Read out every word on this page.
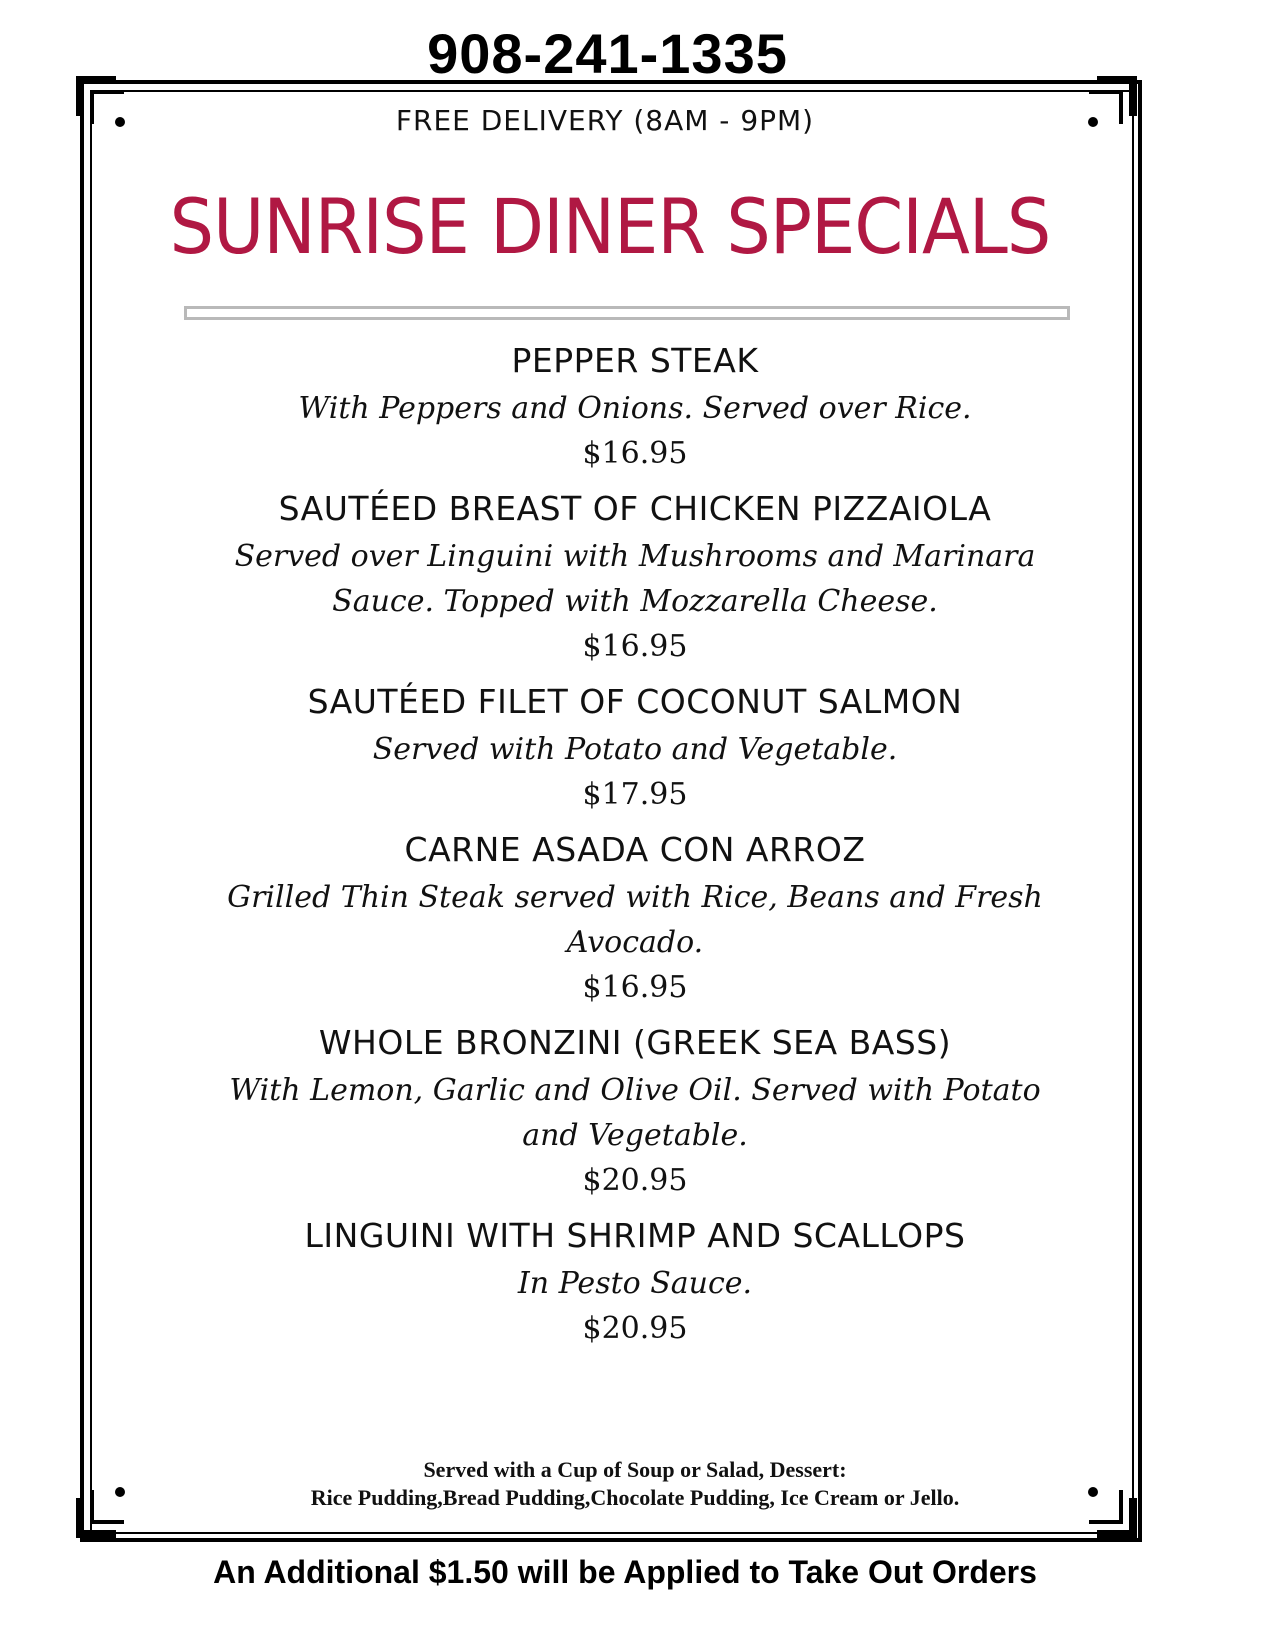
908-241-1335
FREE DELIVERY (8AM - 9PM)
SUNRISE DINER SPECIALS
PEPPER STEAK
With Peppers and Onions. Served over Rice.
$16.95
SAUTÉED BREAST OF CHICKEN PIZZAIOLA
Served over Linguini with Mushrooms and Marinara Sauce. Topped with Mozzarella Cheese.
$16.95
SAUTÉED FILET OF COCONUT SALMON
Served with Potato and Vegetable.
$17.95
CARNE ASADA CON ARROZ
Grilled Thin Steak served with Rice, Beans and Fresh Avocado.
$16.95
WHOLE BRONZINI (GREEK SEA BASS)
With Lemon, Garlic and Olive Oil. Served with Potato and Vegetable.
$20.95
LINGUINI WITH SHRIMP AND SCALLOPS
In Pesto Sauce.
$20.95
Served with a Cup of Soup or Salad, Dessert:
Rice Pudding,Bread Pudding,Chocolate Pudding, Ice Cream or Jello.
An Additional $1.50 will be Applied to Take Out Orders
